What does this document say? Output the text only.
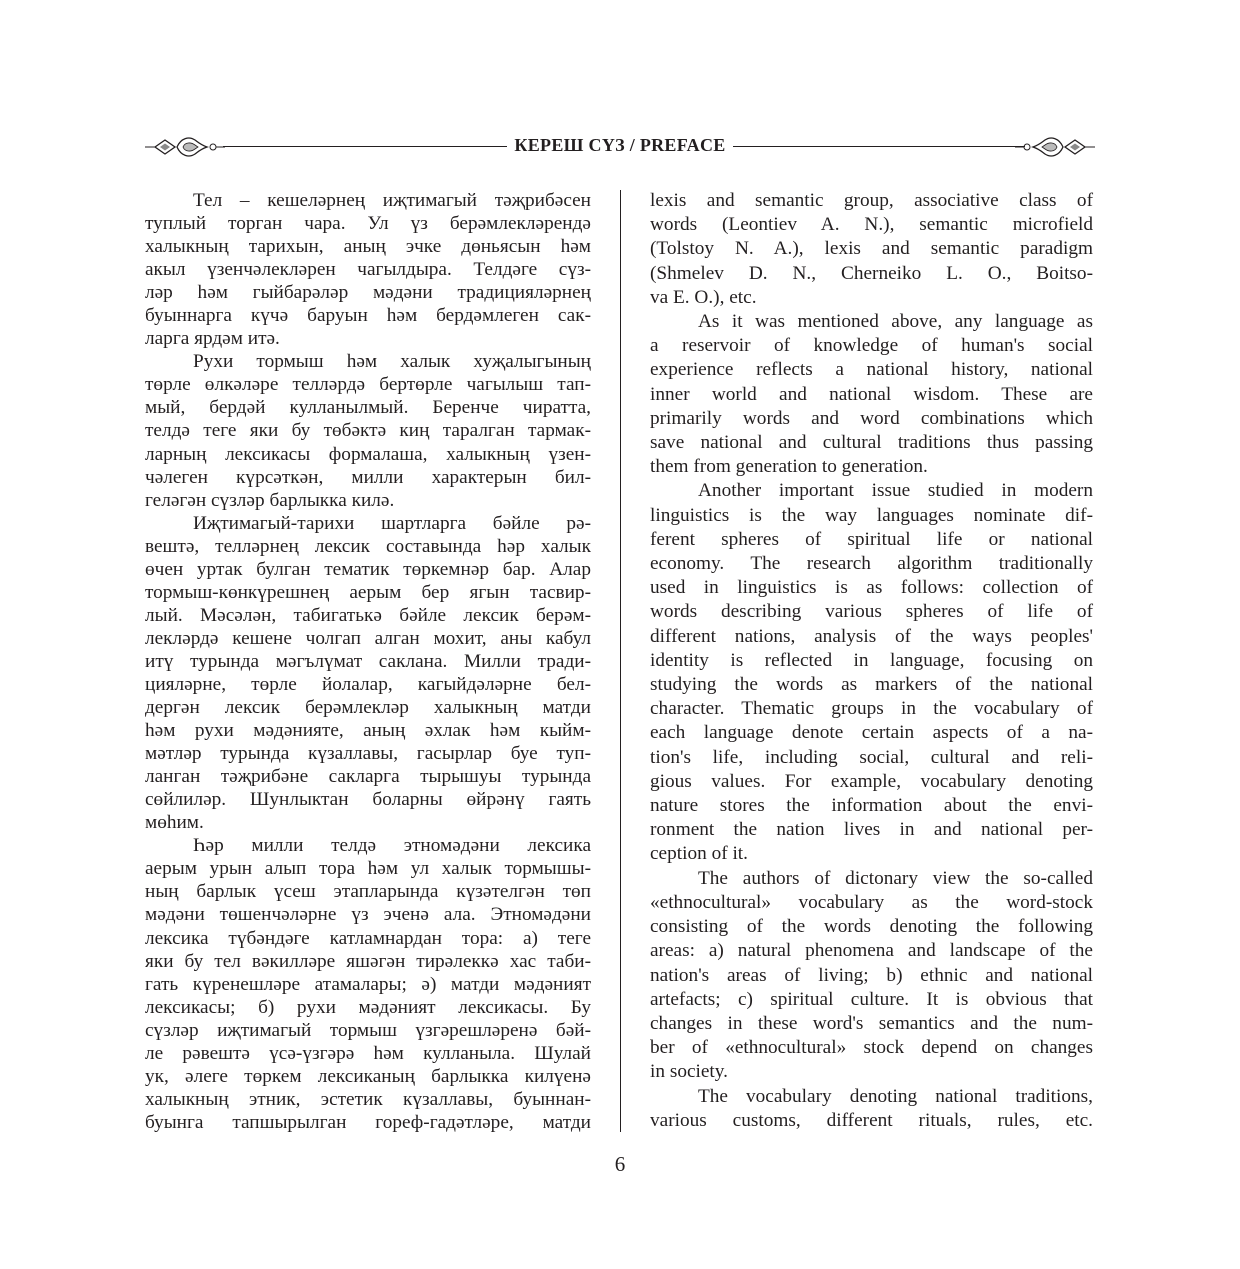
КЕРЕШ СҮЗ / PREFACE
Тел – кешеләрнең иҗтимагый тәҗрибәсен
туплый торган чара. Ул үз берәмлекләрендә
халыкның тарихын, аның эчке дөньясын һәм
акыл үзенчәлекләрен чагылдыра. Телдәге сүз-
ләр һәм гыйбарәләр мәдәни традицияләрнең
буыннарга күчә баруын һәм бердәмлеген сак-
ларга ярдәм итә.
Рухи тормыш һәм халык хуҗалыгының
төрле өлкәләре телләрдә бертөрле чагылыш тап-
мый, бердәй кулланылмый. Беренче чиратта,
телдә теге яки бу төбәктә киң таралган тармак-
ларның лексикасы формалаша, халыкның үзен-
чәлеген күрсәткән, милли характерын бил-
геләгән сүзләр барлыкка килә.
Иҗтимагый-тарихи шартларга бәйле рә-
вештә, телләрнең лексик составында һәр халык
өчен уртак булган тематик төркемнәр бар. Алар
тормыш-көнкүрешнең аерым бер ягын тасвир-
лый. Мәсәлән, табигатькә бәйле лексик берәм-
лекләрдә кешене чолгап алган мохит, аны кабул
итү турында мәгълүмат саклана. Милли тради-
цияләрне, төрле йолалар, кагыйдәләрне бел-
дергән лексик берәмлекләр халыкның матди
һәм рухи мәдәнияте, аның әхлак һәм кыйм-
мәтләр турында күзаллавы, гасырлар буе туп-
ланган тәҗрибәне сакларга тырышуы турында
сөйлиләр. Шунлыктан боларны өйрәнү гаять
мөһим.
Һәр милли телдә этномәдәни лексика
аерым урын алып тора һәм ул халык тормышы-
ның барлык үсеш этапларында күзәтелгән төп
мәдәни төшенчәләрне үз эченә ала. Этномәдәни
лексика түбәндәге катламнардан тора: а) теге
яки бу тел вәкилләре яшәгән тирәлеккә хас таби-
гать күренешләре атамалары; ә) матди мәдәният
лексикасы; б) рухи мәдәният лексикасы. Бу
сүзләр иҗтимагый тормыш үзгәрешләренә бәй-
ле рәвештә үсә-үзгәрә һәм кулланыла. Шулай
ук, әлеге төркем лексиканың барлыкка килүенә
халыкның этник, эстетик күзаллавы, буыннан-
буынга тапшырылган гореф-гадәтләре, матди
lexis and semantic group, associative class of
words (Leontiev A. N.), semantic microfield
(Tolstoy N. A.), lexis and semantic paradigm
(Shmelev D. N., Cherneiko L. O., Boitso-
va E. O.), etc.
As it was mentioned above, any language as
a reservoir of knowledge of human's social
experience reflects a national history, national
inner world and national wisdom. These are
primarily words and word combinations which
save national and cultural traditions thus passing
them from generation to generation.
Another important issue studied in modern
linguistics is the way languages nominate dif-
ferent spheres of spiritual life or national
economy. The research algorithm traditionally
used in linguistics is as follows: collection of
words describing various spheres of life of
different nations, analysis of the ways peoples'
identity is reflected in language, focusing on
studying the words as markers of the national
character. Thematic groups in the vocabulary of
each language denote certain aspects of a na-
tion's life, including social, cultural and reli-
gious values. For example, vocabulary denoting
nature stores the information about the envi-
ronment the nation lives in and national per-
ception of it.
The authors of dictonary view the so-called
«ethnocultural» vocabulary as the word-stock
consisting of the words denoting the following
areas: a) natural phenomena and landscape of the
nation's areas of living; b) ethnic and national
artefacts; c) spiritual culture. It is obvious that
changes in these word's semantics and the num-
ber of «ethnocultural» stock depend on changes
in society.
The vocabulary denoting national traditions,
various customs, different rituals, rules, etc.
6
